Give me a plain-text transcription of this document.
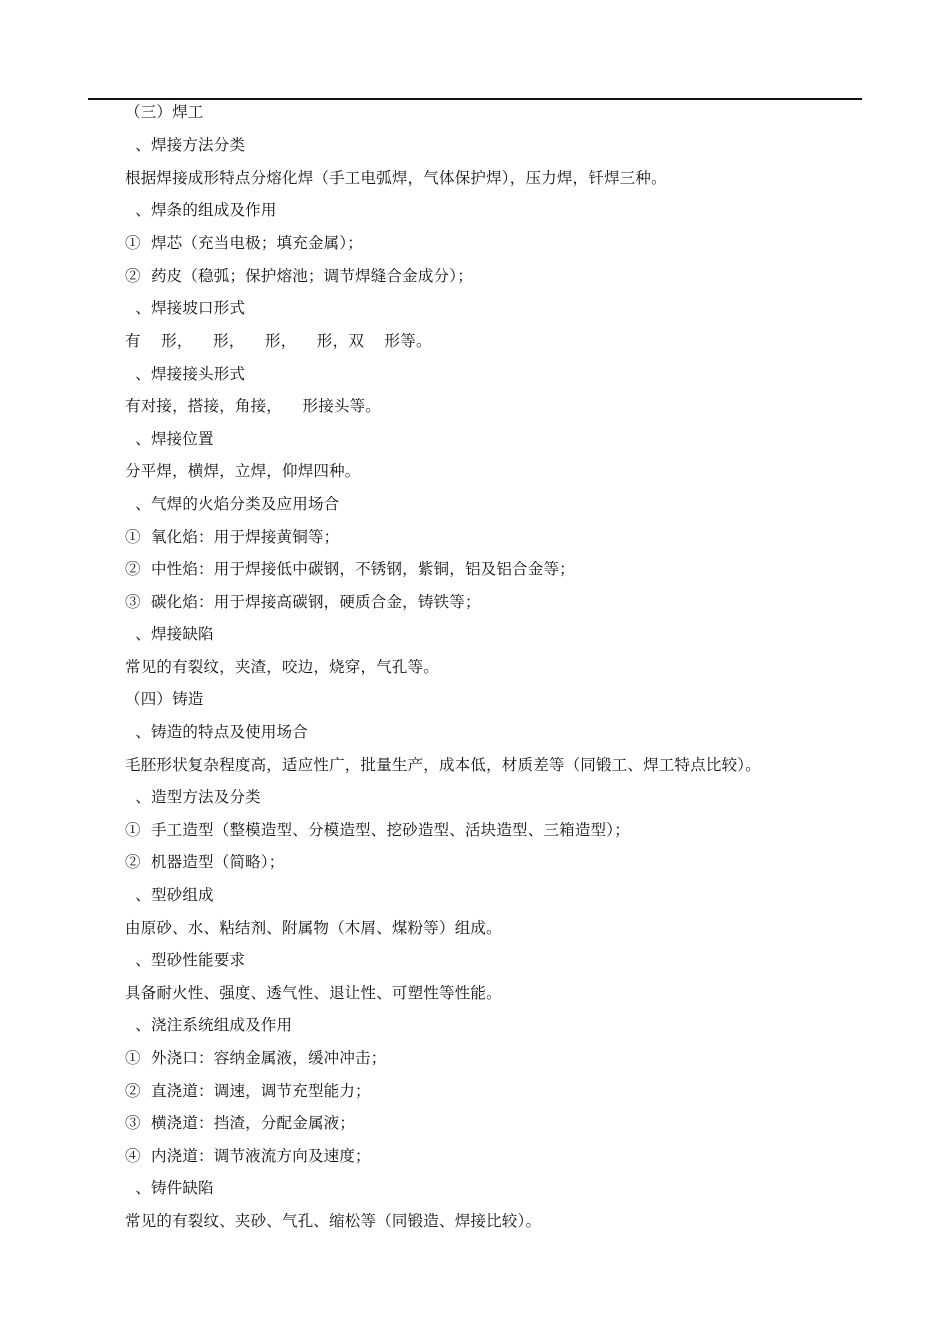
（三）焊工
、焊接方法分类
根据焊接成形特点分熔化焊（手工电弧焊，气体保护焊），压力焊，钎焊三种。
、焊条的组成及作用
①  焊芯（充当电极；填充金属）；
②  药皮（稳弧；保护熔池；调节焊缝合金成分）；
、焊接坡口形式
有    形，    形，    形，    形，双    形等。
、焊接接头形式
有对接，搭接，角接，    形接头等。
、焊接位置
分平焊，横焊，立焊，仰焊四种。
、气焊的火焰分类及应用场合
①  氧化焰：用于焊接黄铜等；
②  中性焰：用于焊接低中碳钢，不锈钢，紫铜，铝及铝合金等；
③  碳化焰：用于焊接高碳钢，硬质合金，铸铁等；
、焊接缺陷
常见的有裂纹，夹渣，咬边，烧穿，气孔等。
（四）铸造
、铸造的特点及使用场合
毛胚形状复杂程度高，适应性广，批量生产，成本低，材质差等（同锻工、焊工特点比较）。
、造型方法及分类
①  手工造型（整模造型、分模造型、挖砂造型、活块造型、三箱造型）；
②  机器造型（简略）；
、型砂组成
由原砂、水、粘结剂、附属物（木屑、煤粉等）组成。
、型砂性能要求
具备耐火性、强度、透气性、退让性、可塑性等性能。
、浇注系统组成及作用
①  外浇口：容纳金属液，缓冲冲击；
②  直浇道：调速，调节充型能力；
③  横浇道：挡渣，分配金属液；
④  内浇道：调节液流方向及速度；
、铸件缺陷
常见的有裂纹、夹砂、气孔、缩松等（同锻造、焊接比较）。
